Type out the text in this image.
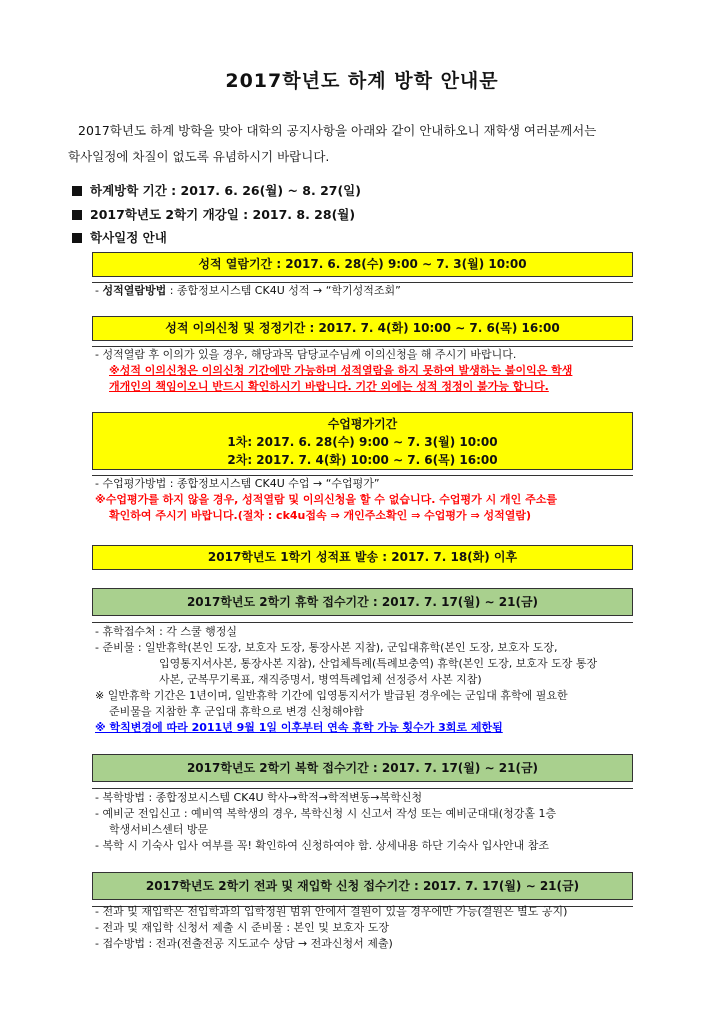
2017학년도 하계 방학 안내문

2017학년도 하계 방학을 맞아 대학의 공지사항을 아래와 같이 안내하오니 재학생 여러분께서는

학사일정에 차질이 없도록 유념하시기 바랍니다.

하계방학 기간 : 2017. 6. 26(월) ~ 8. 27(일)
2017학년도 2학기 개강일 : 2017. 8. 28(월)
학사일정 안내
성적 열람기간 : 2017. 6. 28(수) 9:00 ∼ 7. 3(월) 10:00

- 성적열람방법 : 종합정보시스템 CK4U 성적 → “학기성적조회”

성적 이의신청 및 정정기간 : 2017. 7. 4(화) 10:00 ∼ 7. 6(목) 16:00

- 성적열람 후 이의가 있을 경우, 해당과목 담당교수님께 이의신청을 해 주시기 바랍니다.

※성적 이의신청은 이의신청 기간에만 가능하며 성적열람을 하지 못하여 발생하는 불이익은 학생

개개인의 책임이오니 반드시 확인하시기 바랍니다. 기간 외에는 성적 정정이 불가능 합니다.

수업평가기간
1차: 2017. 6. 28(수) 9:00 ∼ 7. 3(월) 10:00
2차: 2017. 7. 4(화) 10:00 ∼ 7. 6(목) 16:00

- 수업평가방법 : 종합정보시스템 CK4U 수업 → “수업평가”

※수업평가를 하지 않을 경우, 성적열람 및 이의신청을 할 수 없습니다. 수업평가 시 개인 주소를

확인하여 주시기 바랍니다.(절차 : ck4u접속 ⇒ 개인주소확인 ⇒ 수업평가 ⇒ 성적열람)

2017학년도 1학기 성적표 발송 : 2017. 7. 18(화) 이후
2017학년도 2학기 휴학 접수기간 : 2017. 7. 17(월) ∼ 21(금)

- 휴학접수처 : 각 스쿨 행정실

- 준비물 : 일반휴학(본인 도장, 보호자 도장, 통장사본 지참), 군입대휴학(본인 도장, 보호자 도장,

입영통지서사본, 통장사본 지참), 산업체특례(특례보충역) 휴학(본인 도장, 보호자 도장 통장

사본, 군복무기록표, 재직증명서, 병역특례업체 선정증서 사본 지참)

※ 일반휴학 기간은 1년이며, 일반휴학 기간에 입영통지서가 발급된 경우에는 군입대 휴학에 필요한

준비물을 지참한 후 군입대 휴학으로 변경 신청해야함

※ 학칙변경에 따라 2011년 9월 1일 이후부터 연속 휴학 가능 횟수가 3회로 제한됨

2017학년도 2학기 복학 접수기간 : 2017. 7. 17(월) ∼ 21(금)

- 복학방법 : 종합정보시스템 CK4U 학사→학적→학적변동→복학신청

- 예비군 전입신고 : 예비역 복학생의 경우, 복학신청 시 신고서 작성 또는 예비군대대(청강홀 1층

학생서비스센터 방문

- 복학 시 기숙사 입사 여부를 꼭! 확인하여 신청하여야 함. 상세내용 하단 기숙사 입사안내 참조

2017학년도 2학기 전과 및 재입학 신청 접수기간 : 2017. 7. 17(월) ∼ 21(금)

- 전과 및 재입학은 전입학과의 입학정원 범위 안에서 결원이 있을 경우에만 가능(결원은 별도 공지)

- 전과 및 재입학 신청서 제출 시 준비물 : 본인 및 보호자 도장

- 접수방법 : 전과(전출전공 지도교수 상담 → 전과신청서 제출)
